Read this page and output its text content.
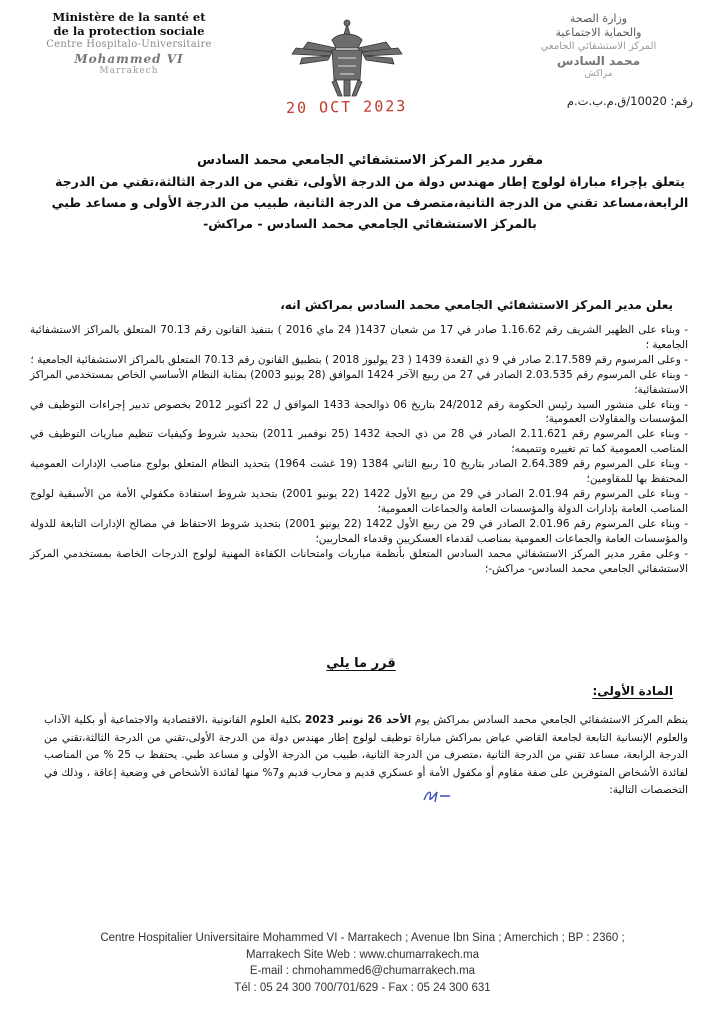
Ministère de la santé et
de la protection sociale
Centre Hospitalo-Universitaire
Mohammed VI
Marrakech
وزارة الصحة
والحماية الاجتماعية
المركز الاستشفائي الجامعي
محمد السادس
مراكش
20 OCT 2023	رقم: 10020/ق.م.ب.ت.م
مقرر مدير المركز الاستشفائي الجامعي محمد السادس
يتعلق بإجراء مباراة لولوج إطار مهندس دولة من الدرجة الأولى، تقني من الدرجة الثالثة،تقني من الدرجة الرابعة،مساعد تقني من الدرجة الثانية،متصرف من الدرجة الثانية، طبيب من الدرجة الأولى و مساعد طبي بالمركز الاستشفائي الجامعي محمد السادس - مراكش-
يعلن مدير المركز الاستشفائي الجامعي محمد السادس بمراكش انه،
- وبناء على الظهير الشريف رقم 1.16.62 صادر في 17 من شعبان 1437( 24 ماي 2016 ) بتنفيذ القانون رقم 70.13 المتعلق بالمراكز الاستشفائية الجامعية ؛
- وعلى المرسوم رقم 2.17.589 صادر في 9 ذي القعدة 1439 ( 23 يوليوز 2018 ) بتطبيق القانون رقم 70.13 المتعلق بالمراكز الاستشفائية الجامعية ؛
- وبناء على المرسوم رقم 2.03.535 الصادر في 27 من ربيع الآخر 1424 الموافق (28 يونيو 2003) بمثابة النظام الأساسي الخاص بمستخدمي المراكز الاستشفائية؛
- وبناء على منشور السيد رئيس الحكومة رقم 24/2012 بتاريخ 06 ذوالحجة 1433 الموافق ل 22 أكتوبر 2012 بخصوص تدبير إجراءات التوظيف في المؤسسات والمقاولات العمومية؛
- وبناء على المرسوم رقم 2.11.621 الصادر في 28 من ذي الحجة 1432 (25 نوفمبر 2011) بتحديد شروط وكيفيات تنظيم مباريات التوظيف في المناصب العمومية كما تم تغييره وتتميمه؛
- وبناء على المرسوم رقم 2.64.389 الصادر بتاريخ 10 ربيع الثاني 1384 (19 غشت 1964) بتحديد النظام المتعلق بولوج مناصب الإدارات العمومية المحتفظ بها للمقاومين؛
- وبناء على المرسوم رقم 2.01.94 الصادر في 29 من ربيع الأول 1422 (22 يونيو 2001) بتحديد شروط استفادة مكفولي الأمة من الأسبقية لولوج المناصب العامة بإدارات الدولة والمؤسسات العامة والجماعات العمومية؛
- وبناء على المرسوم رقم 2.01.96 الصادر في 29 من ربيع الأول 1422 (22 يونيو 2001) بتحديد شروط الاحتفاظ في مصالح الإدارات التابعة للدولة والمؤسسات العامة والجماعات العمومية بمناصب لقدماء العسكريين وقدماء المحاربين؛
- وعلى مقرر مدير المركز الاستشفائي محمد السادس المتعلق بأنظمة مباريات وامتحانات الكفاءة المهنية لولوج الدرجات الخاصة بمستخدمي المركز الاستشفائي الجامعي محمد السادس- مراكش-؛
قرر ما يلي
المادة الأولى:
ينظم المركز الاستشفائي الجامعي محمد السادس بمراكش يوم الأحد 26 نونبر 2023 بكلية العلوم القانونية ،الاقتصادية والاجتماعية أو بكلية الآداب والعلوم الإنسانية التابعة لجامعة القاضي عياض بمراكش مباراة توظيف لولوج إطار مهندس دولة من الدرجة الأولى،تقني من الدرجة الثالثة،تقني من الدرجة الرابعة، مساعد تقني من الدرجة الثانية ،متصرف من الدرجة الثانية، طبيب من الدرجة الأولى و مساعد طبي. يحتفظ ب 25 % من المناصب لفائدة الأشخاص المتوفرين على صفة مقاوم أو مكفول الأمة أو عسكري قديم و محارب قديم و7% منها لفائدة الأشخاص في وضعية إعاقة ، وذلك في التخصصات التالية:
Centre Hospitalier Universitaire Mohammed VI - Marrakech ; Avenue Ibn Sina ; Amerchich ; BP : 2360 ;
Marrakech Site Web : www.chumarrakech.ma
E-mail : chmohammed6@chumarrakech.ma
Tél : 05 24 300 700/701/629 - Fax : 05 24 300 631
